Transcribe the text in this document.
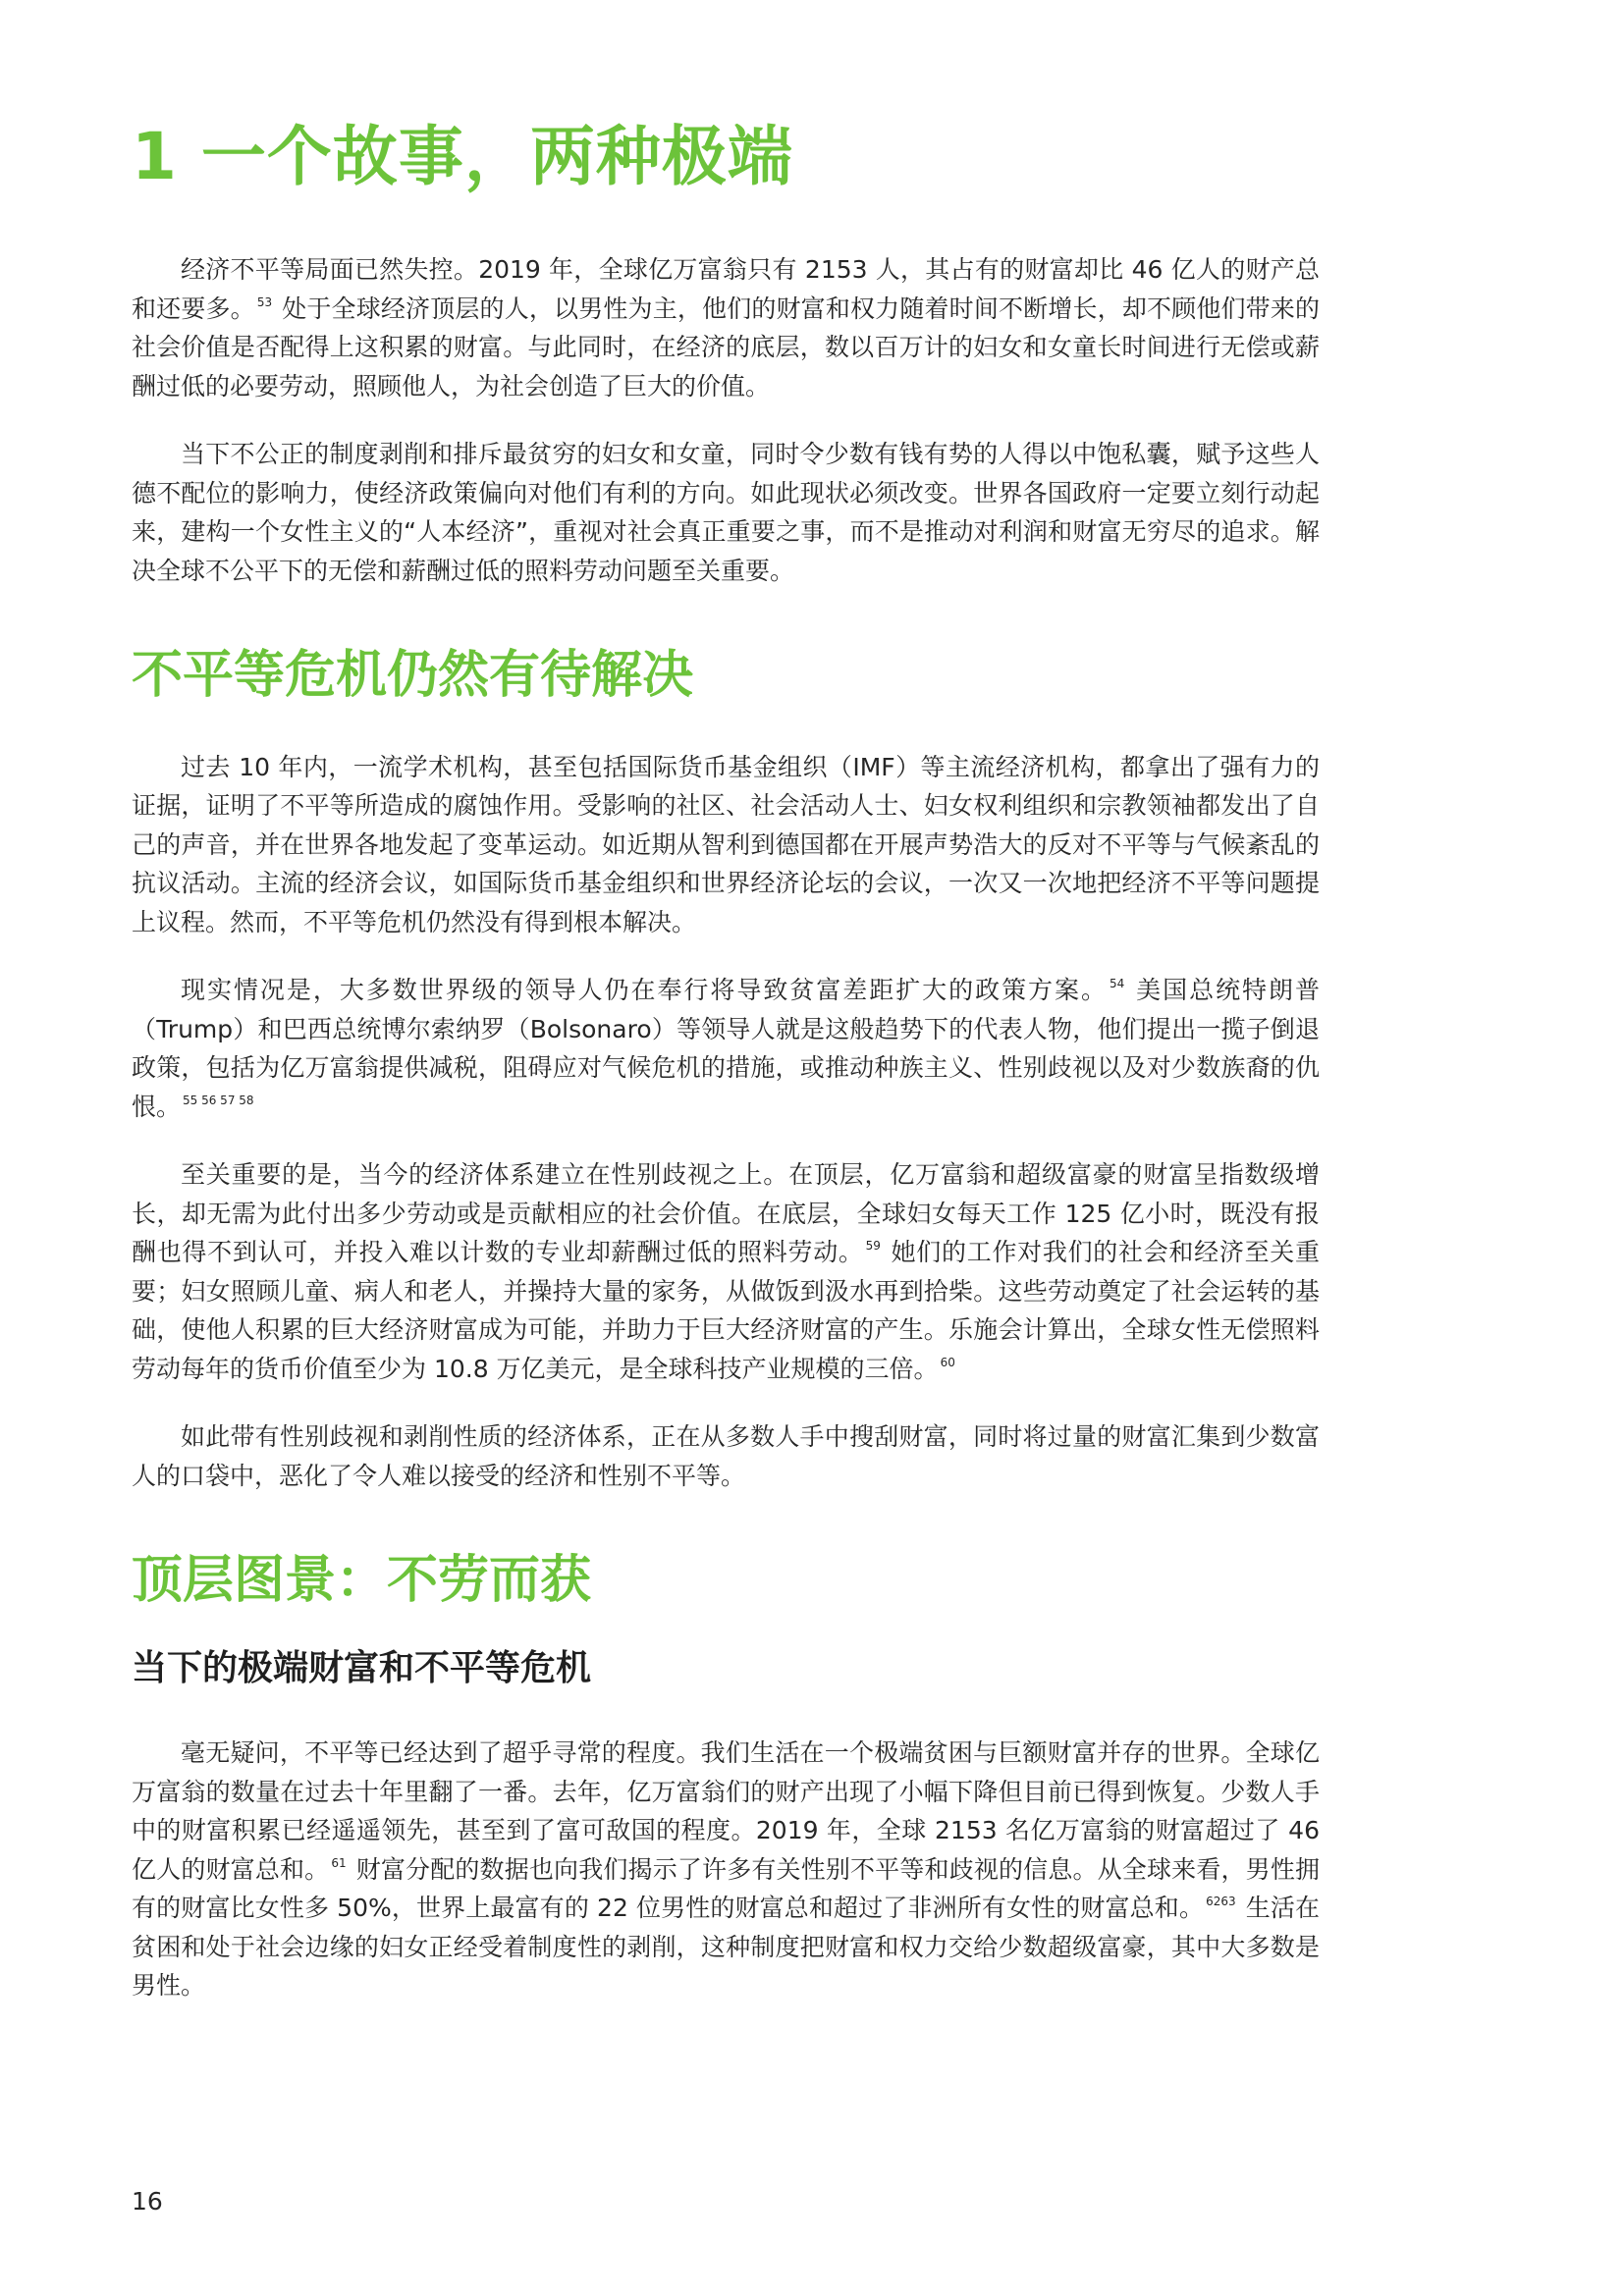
1 一个故事，两种极端

经济不平等局面已然失控。2019 年，全球亿万富翁只有 2153 人，其占有的财富却比 46 亿人的财产总和还要多。 $^{53}$ 处于全球经济顶层的人，以男性为主，他们的财富和权力随着时间不断增长，却不顾他们带来的社会价值是否配得上这积累的财富。与此同时，在经济的底层，数以百万计的妇女和女童长时间进行无偿或薪酬过低的必要劳动，照顾他人，为社会创造了巨大的价值。

当下不公正的制度剥削和排斥最贫穷的妇女和女童，同时令少数有钱有势的人得以中饱私囊，赋予这些人德不配位的影响力，使经济政策偏向对他们有利的方向。如此现状必须改变。世界各国政府一定要立刻行动起来，建构一个女性主义的“人本经济”，重视对社会真正重要之事，而不是推动对利润和财富无穷尽的追求。解决全球不公平下的无偿和薪酬过低的照料劳动问题至关重要。

不平等危机仍然有待解决

过去 10 年内，一流学术机构，甚至包括国际货币基金组织（IMF）等主流经济机构，都拿出了强有力的证据，证明了不平等所造成的腐蚀作用。受影响的社区、社会活动人士、妇女权利组织和宗教领袖都发出了自己的声音，并在世界各地发起了变革运动。如近期从智利到德国都在开展声势浩大的反对不平等与气候紊乱的抗议活动。主流的经济会议，如国际货币基金组织和世界经济论坛的会议，一次又一次地把经济不平等问题提上议程。然而，不平等危机仍然没有得到根本解决。

现实情况是，大多数世界级的领导人仍在奉行将导致贫富差距扩大的政策方案。 $^{54}$ 美国总统特朗普（Trump）和巴西总统博尔索纳罗（Bolsonaro）等领导人就是这般趋势下的代表人物，他们提出一揽子倒退政策，包括为亿万富翁提供减税，阻碍应对气候危机的措施，或推动种族主义、性别歧视以及对少数族裔的仇恨。 $^{55 56 57 58}$

至关重要的是，当今的经济体系建立在性别歧视之上。在顶层，亿万富翁和超级富豪的财富呈指数级增长，却无需为此付出多少劳动或是贡献相应的社会价值。在底层，全球妇女每天工作 125 亿小时，既没有报酬也得不到认可，并投入难以计数的专业却薪酬过低的照料劳动。 $^{59}$ 她们的工作对我们的社会和经济至关重要；妇女照顾儿童、病人和老人，并操持大量的家务，从做饭到汲水再到拾柴。这些劳动奠定了社会运转的基础，使他人积累的巨大经济财富成为可能，并助力于巨大经济财富的产生。乐施会计算出，全球女性无偿照料劳动每年的货币价值至少为 10.8 万亿美元，是全球科技产业规模的三倍。 $^{60}$

如此带有性别歧视和剥削性质的经济体系，正在从多数人手中搜刮财富，同时将过量的财富汇集到少数富人的口袋中，恶化了令人难以接受的经济和性别不平等。

顶层图景：不劳而获
当下的极端财富和不平等危机

毫无疑问，不平等已经达到了超乎寻常的程度。我们生活在一个极端贫困与巨额财富并存的世界。全球亿万富翁的数量在过去十年里翻了一番。去年，亿万富翁们的财产出现了小幅下降但目前已得到恢复。少数人手中的财富积累已经遥遥领先，甚至到了富可敌国的程度。2019 年，全球 2153 名亿万富翁的财富超过了 46 亿人的财富总和。 $^{61}$ 财富分配的数据也向我们揭示了许多有关性别不平等和歧视的信息。从全球来看，男性拥有的财富比女性多 50%，世界上最富有的 22 位男性的财富总和超过了非洲所有女性的财富总和。 $^{6263}$ 生活在贫困和处于社会边缘的妇女正经受着制度性的剥削，这种制度把财富和权力交给少数超级富豪，其中大多数是男性。

16
